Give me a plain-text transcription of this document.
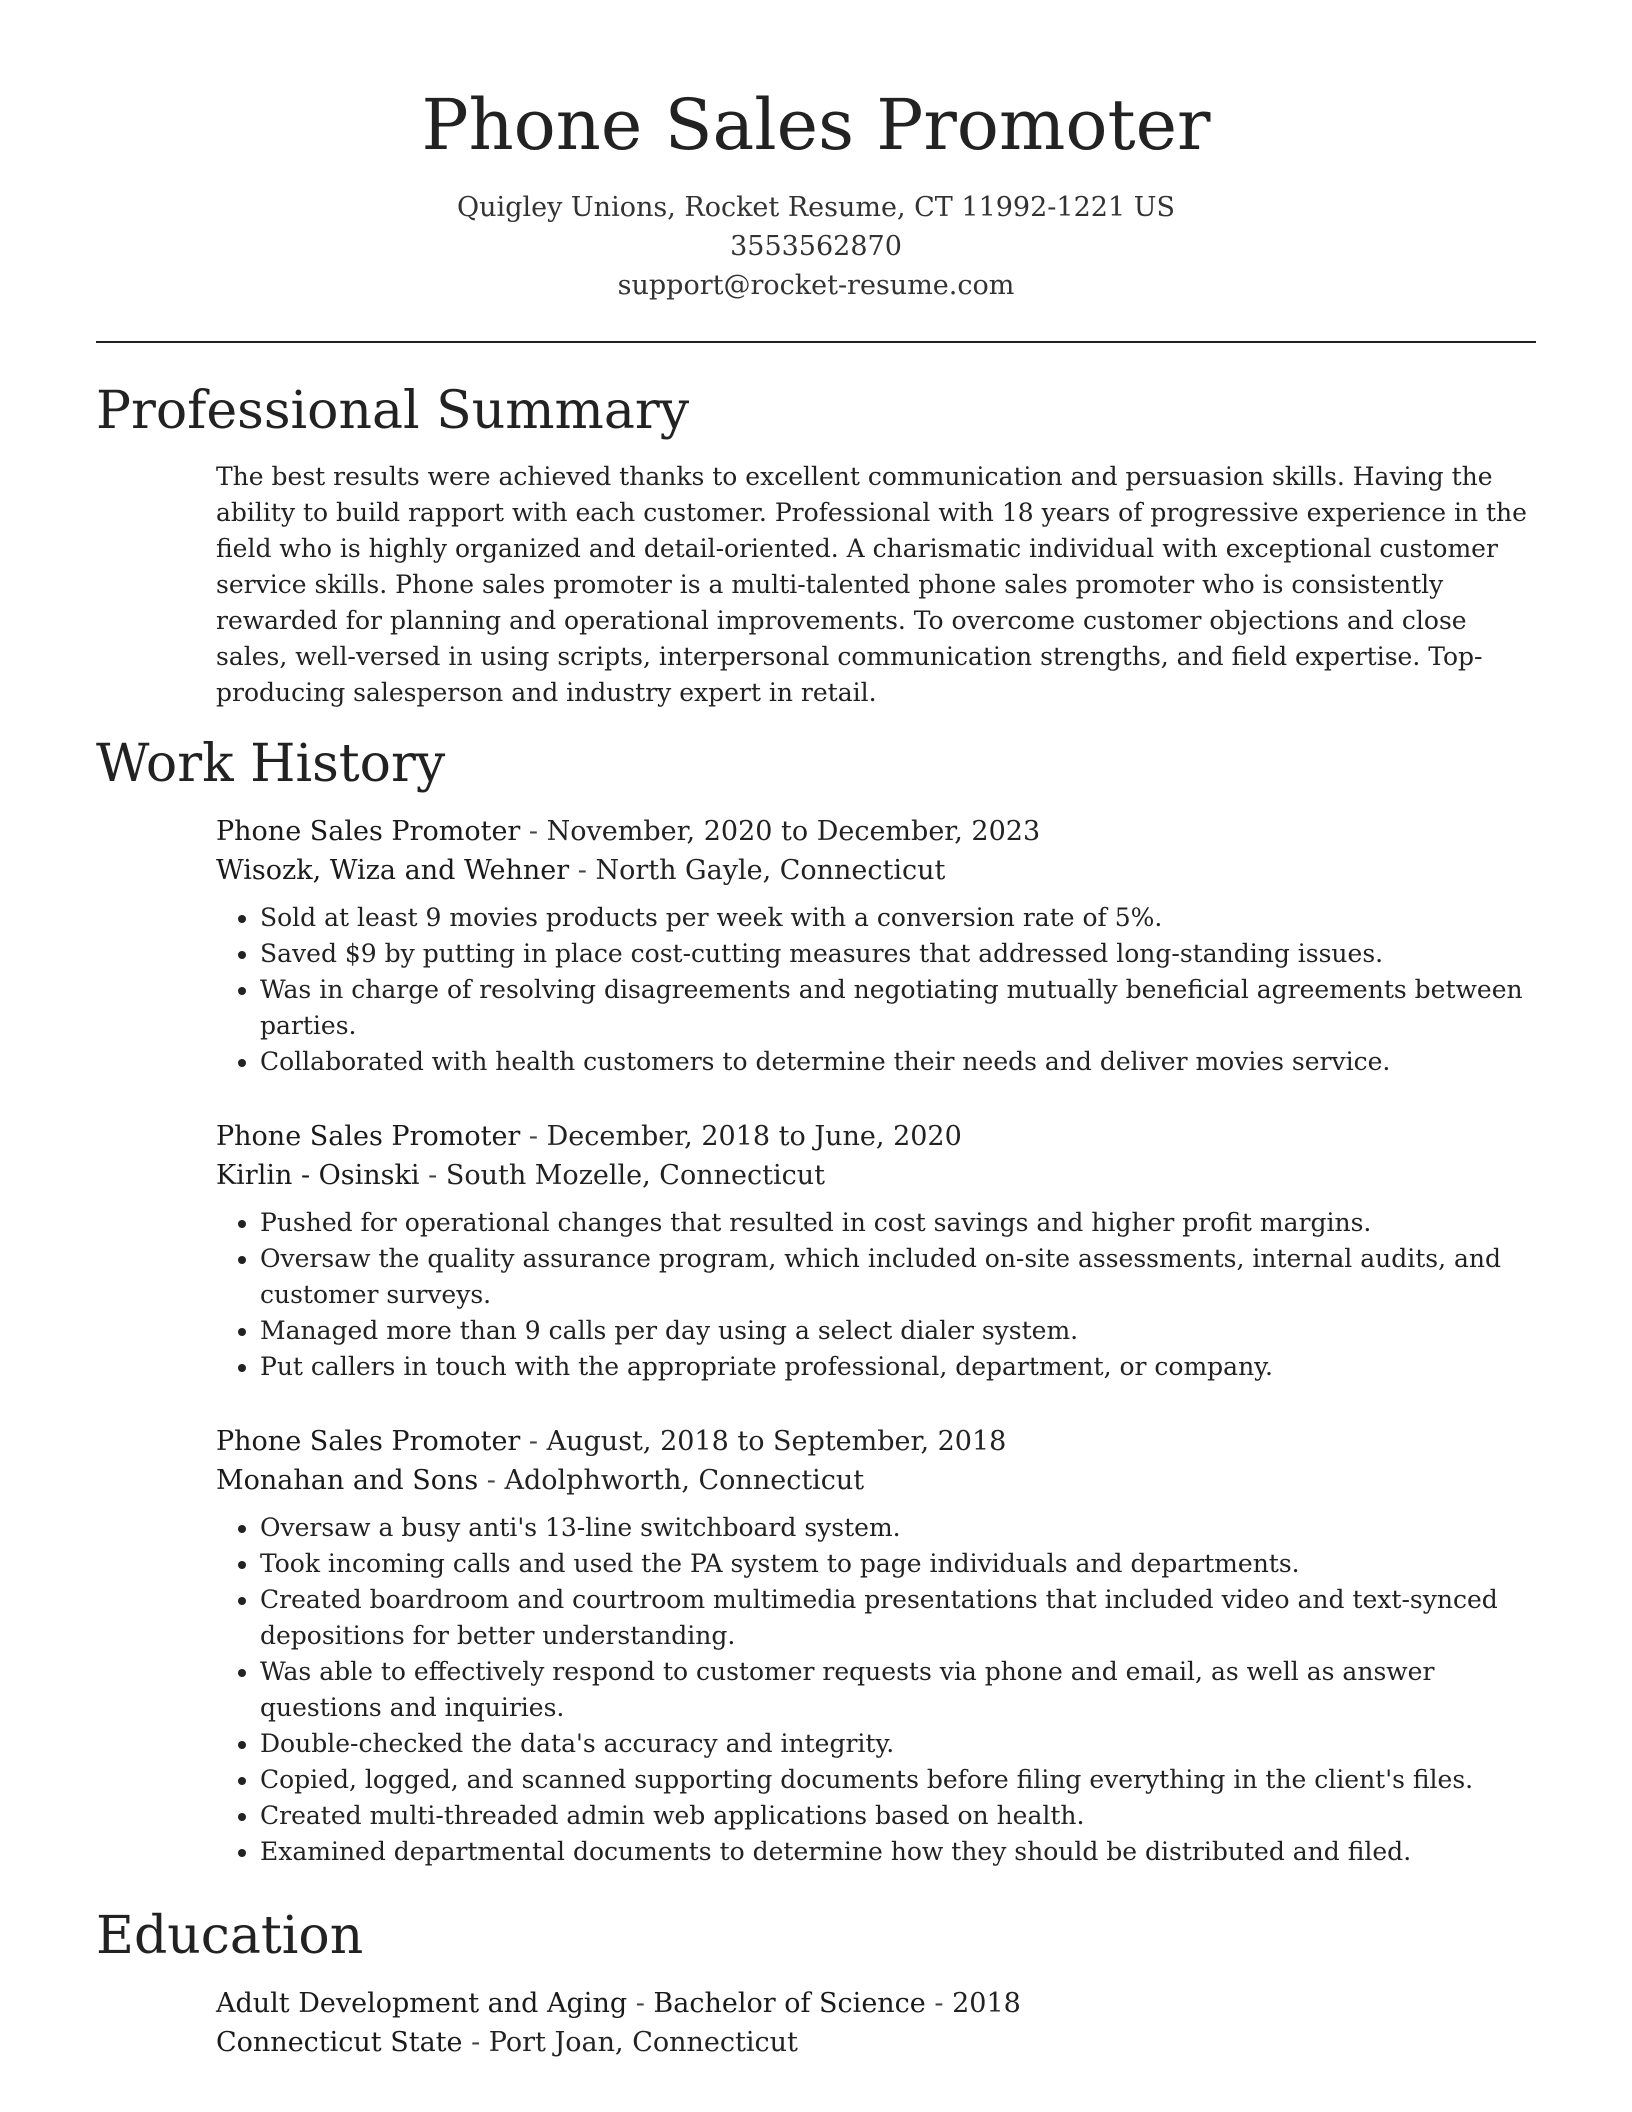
Phone Sales Promoter
Quigley Unions, Rocket Resume, CT 11992-1221 US
3553562870
support@rocket-resume.com
Professional Summary

The best results were achieved thanks to excellent communication and persuasion skills. Having the ability to build rapport with each customer. Professional with 18 years of progressive experience in the field who is highly organized and detail-oriented. A charismatic individual with exceptional customer service skills. Phone sales promoter is a multi-talented phone sales promoter who is consistently rewarded for planning and operational improvements. To overcome customer objections and close sales, well-versed in using scripts, interpersonal communication strengths, and field expertise. Top-producing salesperson and industry expert in retail.

Work History
Phone Sales Promoter - November, 2020 to December, 2023
Wisozk, Wiza and Wehner - North Gayle, Connecticut
• Sold at least 9 movies products per week with a conversion rate of 5%.
• Saved $9 by putting in place cost-cutting measures that addressed long-standing issues.
• Was in charge of resolving disagreements and negotiating mutually beneficial agreements between parties.
• Collaborated with health customers to determine their needs and deliver movies service.
Phone Sales Promoter - December, 2018 to June, 2020
Kirlin - Osinski - South Mozelle, Connecticut
• Pushed for operational changes that resulted in cost savings and higher profit margins.
• Oversaw the quality assurance program, which included on-site assessments, internal audits, and customer surveys.
• Managed more than 9 calls per day using a select dialer system.
• Put callers in touch with the appropriate professional, department, or company.
Phone Sales Promoter - August, 2018 to September, 2018
Monahan and Sons - Adolphworth, Connecticut
• Oversaw a busy anti's 13-line switchboard system.
• Took incoming calls and used the PA system to page individuals and departments.
• Created boardroom and courtroom multimedia presentations that included video and text-synced depositions for better understanding.
• Was able to effectively respond to customer requests via phone and email, as well as answer questions and inquiries.
• Double-checked the data's accuracy and integrity.
• Copied, logged, and scanned supporting documents before filing everything in the client's files.
• Created multi-threaded admin web applications based on health.
• Examined departmental documents to determine how they should be distributed and filed.
Education
Adult Development and Aging - Bachelor of Science - 2018
Connecticut State - Port Joan, Connecticut
